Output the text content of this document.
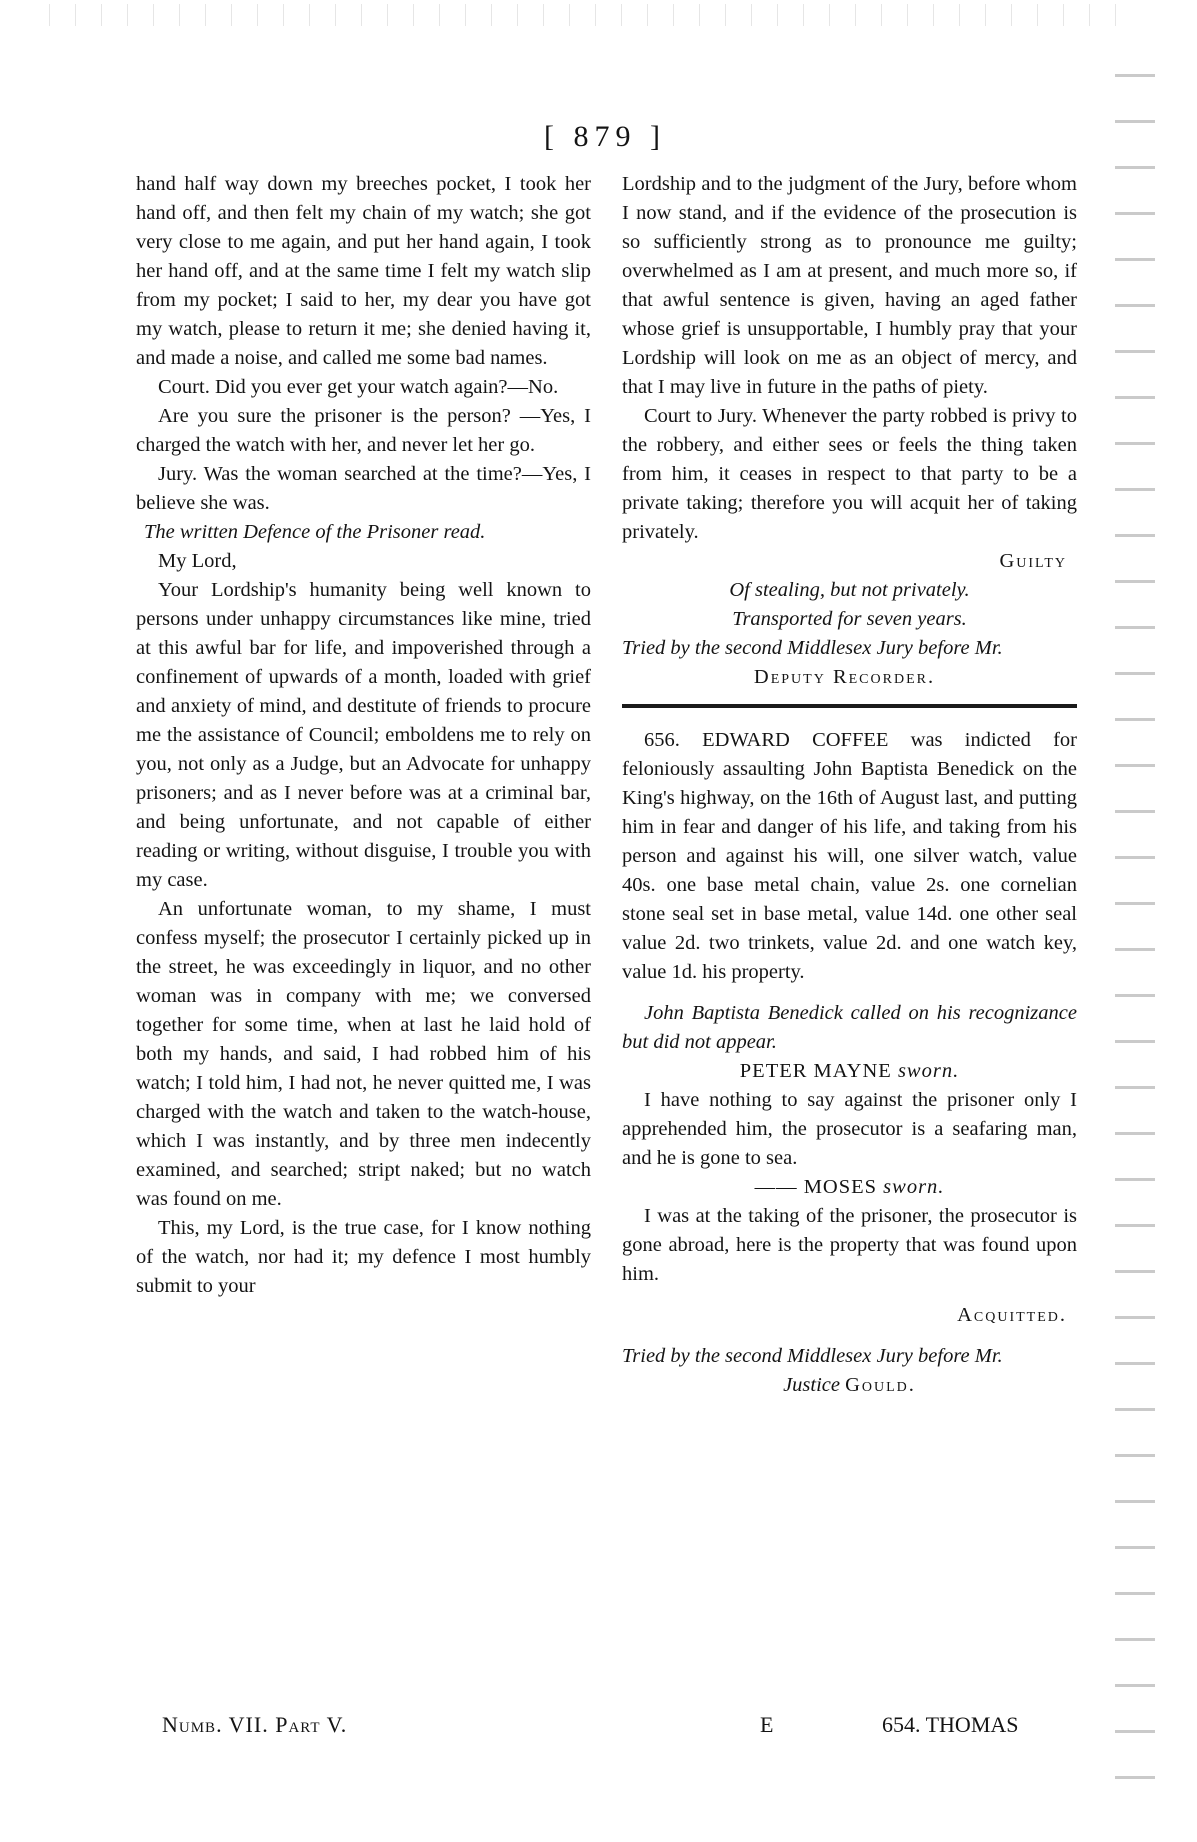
[ 879 ]

hand half way down my breeches pocket, I took her hand off, and then felt my chain of my watch; she got very close to me again, and put her hand again, I took her hand off, and at the same time I felt my watch slip from my pocket; I said to her, my dear you have got my watch, please to return it me; she denied having it, and made a noise, and called me some bad names.

Court. Did you ever get your watch again?—No.

Are you sure the prisoner is the person? —Yes, I charged the watch with her, and never let her go.

Jury. Was the woman searched at the time?—Yes, I believe she was.

The written Defence of the Prisoner read.

My Lord,

Your Lordship's humanity being well known to persons under unhappy circumstances like mine, tried at this awful bar for life, and impoverished through a confinement of upwards of a month, loaded with grief and anxiety of mind, and destitute of friends to procure me the assistance of Council; emboldens me to rely on you, not only as a Judge, but an Advocate for unhappy prisoners; and as I never before was at a criminal bar, and being unfortunate, and not capable of either reading or writing, without disguise, I trouble you with my case.

An unfortunate woman, to my shame, I must confess myself; the prosecutor I certainly picked up in the street, he was exceedingly in liquor, and no other woman was in company with me; we conversed together for some time, when at last he laid hold of both my hands, and said, I had robbed him of his watch; I told him, I had not, he never quitted me, I was charged with the watch and taken to the watch-house, which I was instantly, and by three men indecently examined, and searched; stript naked; but no watch was found on me.

This, my Lord, is the true case, for I know nothing of the watch, nor had it; my defence I most humbly submit to your

Lordship and to the judgment of the Jury, before whom I now stand, and if the evidence of the prosecution is so sufficiently strong as to pronounce me guilty; overwhelmed as I am at present, and much more so, if that awful sentence is given, having an aged father whose grief is unsupportable, I humbly pray that your Lordship will look on me as an object of mercy, and that I may live in future in the paths of piety.

Court to Jury. Whenever the party robbed is privy to the robbery, and either sees or feels the thing taken from him, it ceases in respect to that party to be a private taking; therefore you will acquit her of taking privately.

Guilty

Of stealing, but not privately.

Transported for seven years.

Tried by the second Middlesex Jury before Mr.

Deputy Recorder.

656. EDWARD COFFEE was indicted for feloniously assaulting John Baptista Benedick on the King's highway, on the 16th of August last, and putting him in fear and danger of his life, and taking from his person and against his will, one silver watch, value 40s. one base metal chain, value 2s. one cornelian stone seal set in base metal, value 14d. one other seal value 2d. two trinkets, value 2d. and one watch key, value 1d. his property.

John Baptista Benedick called on his recognizance but did not appear.

PETER MAYNE sworn.

I have nothing to say against the prisoner only I apprehended him, the prosecutor is a seafaring man, and he is gone to sea.

—— MOSES sworn.

I was at the taking of the prisoner, the prosecutor is gone abroad, here is the property that was found upon him.

Acquitted.

Tried by the second Middlesex Jury before Mr.

Justice Gould.

Numb. VII. Part V.	E	654. THOMAS
